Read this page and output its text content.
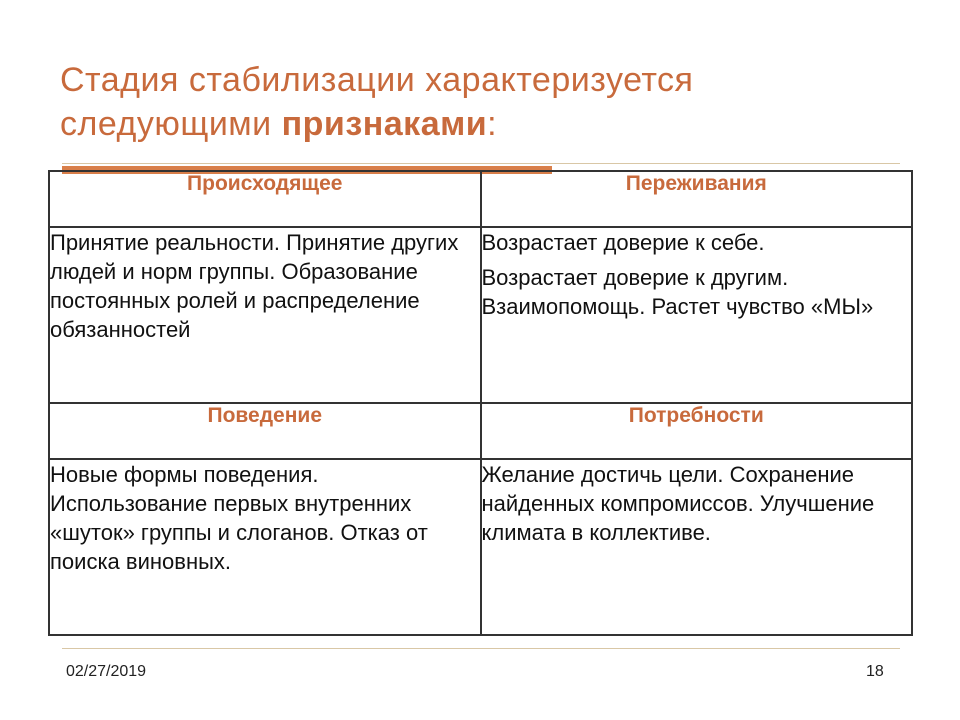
Стадия стабилизации характеризуется
следующими признаками:
Происходящее	Переживания

Принятие реальности. Принятие других людей и норм группы. Образование постоянных ролей и распределение обязанностей	Возрастает доверие к себе.

Возрастает доверие к другим. Взаимопомощь. Растет чувство «МЫ»

Поведение	Потребности

Новые формы поведения. Использование первых внутренних «шуток» группы и слоганов. Отказ от поиска виновных.	Желание достичь цели. Сохранение найденных компромиссов. Улучшение климата в коллективе.

02/27/2019	18
